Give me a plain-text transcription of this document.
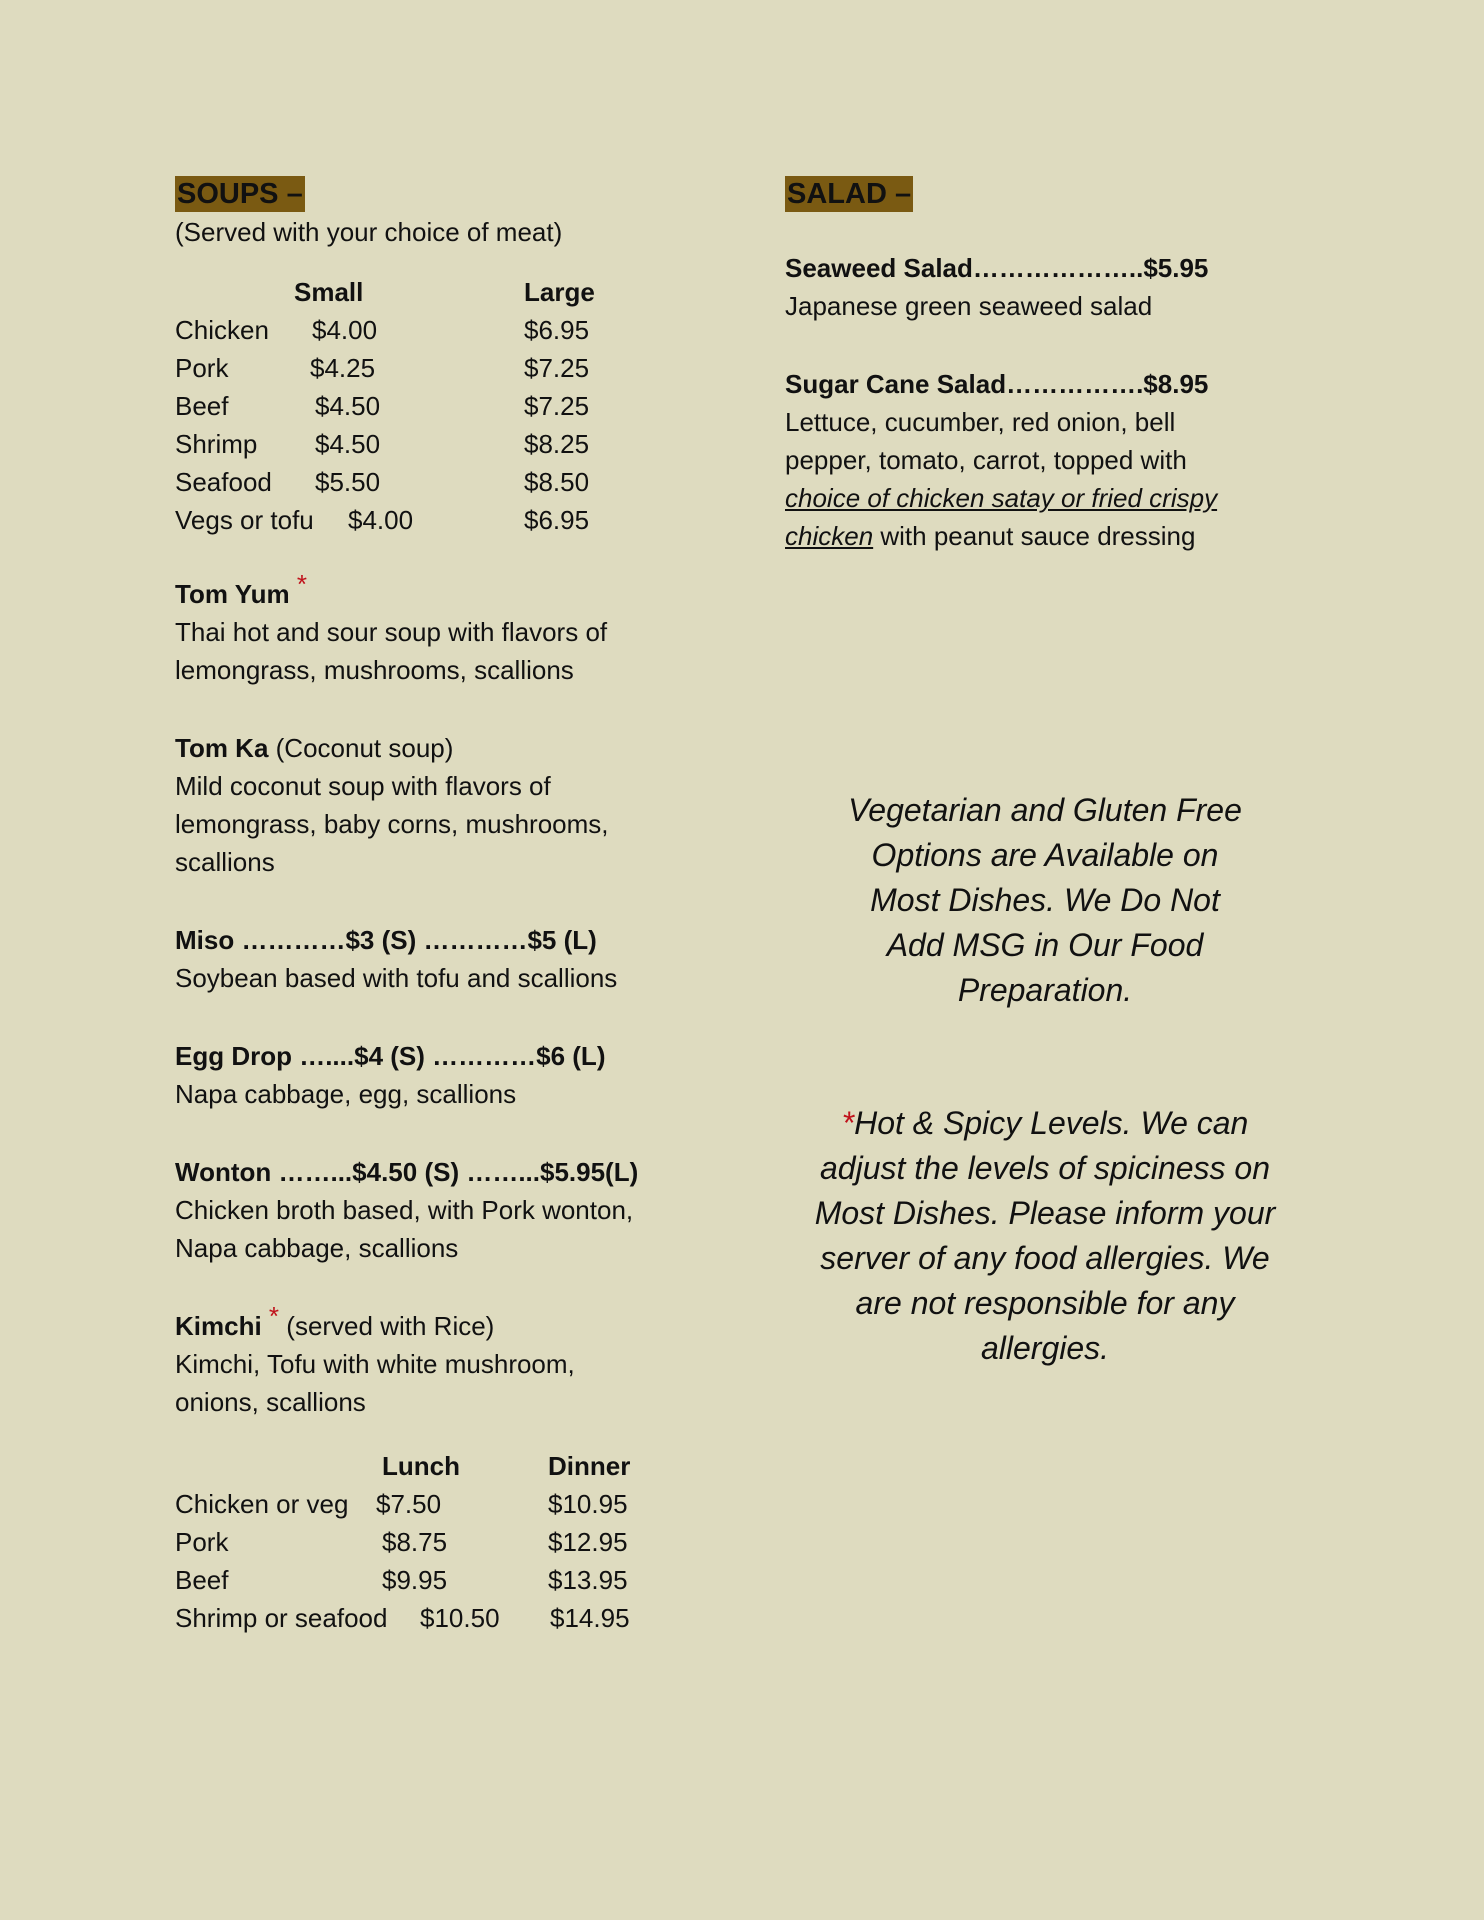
SOUPS –
(Served with your choice of meat)
Small	Large
Chicken $4.00	$6.95
Pork	$4.25	$7.25
Beef	$4.50	$7.25
Shrimp $4.50	$8.25
Seafood $5.50	$8.50
Vegs or tofu $4.00	$6.95
Tom Yum *
Thai hot and sour soup with flavors of
lemongrass, mushrooms, scallions
Tom Ka (Coconut soup)
Mild coconut soup with flavors of
lemongrass, baby corns, mushrooms,
scallions
Miso …………$3 (S) …………$5 (L)
Soybean based with tofu and scallions
Egg Drop …....$4 (S) …………$6 (L)
Napa cabbage, egg, scallions
Wonton ……...$4.50 (S) ……...$5.95(L)
Chicken broth based, with Pork wonton,
Napa cabbage, scallions
Kimchi * (served with Rice)
Kimchi, Tofu with white mushroom,
onions, scallions
Lunch	Dinner
Chicken or veg $7.50	$10.95
Pork	$8.75	$12.95
Beef	$9.95	$13.95
Shrimp or seafood $10.50 $14.95
SALAD –
Seaweed Salad………………..$5.95
Japanese green seaweed salad
Sugar Cane Salad…………….$8.95
Lettuce, cucumber, red onion, bell
pepper, tomato, carrot, topped with
choice of chicken satay or fried crispy
chicken with peanut sauce dressing
Vegetarian and Gluten Free
Options are Available on
Most Dishes. We Do Not
Add MSG in Our Food
Preparation.
*Hot & Spicy Levels. We can
adjust the levels of spiciness on
Most Dishes. Please inform your
server of any food allergies. We
are not responsible for any
allergies.
